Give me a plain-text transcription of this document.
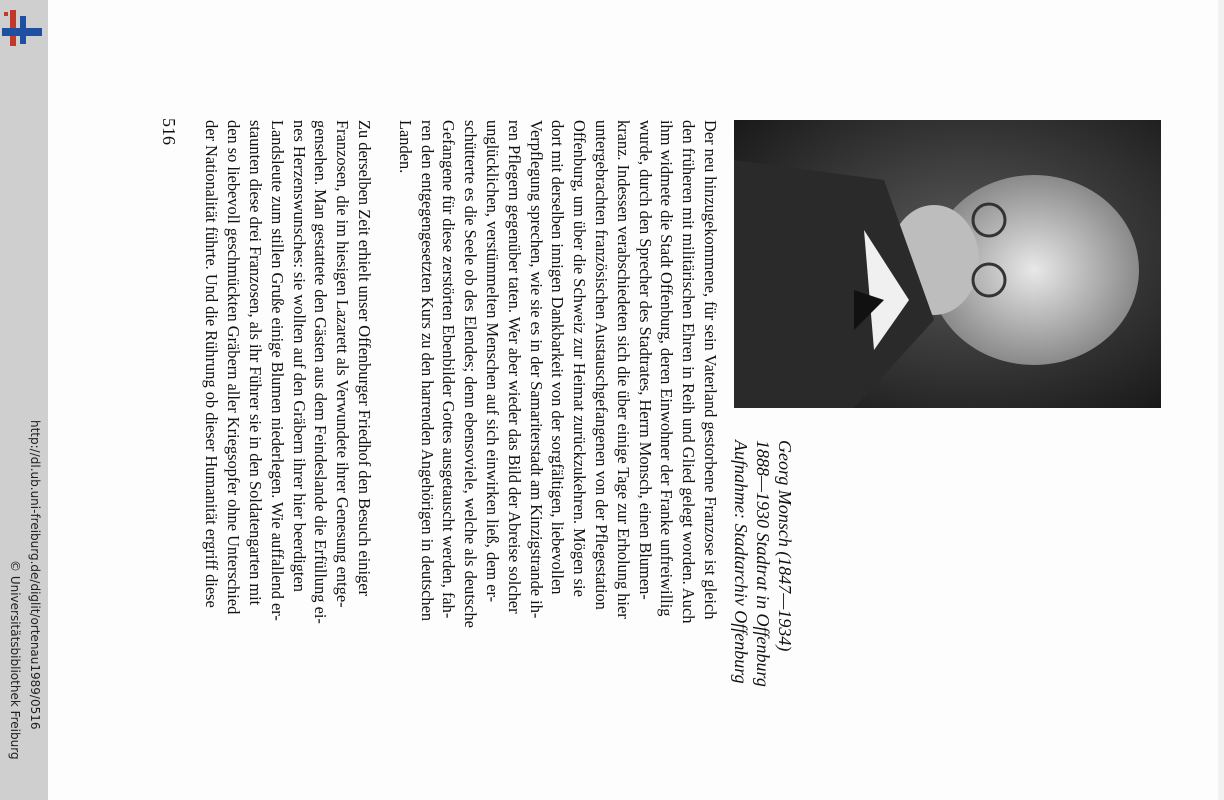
http://dl.ub.uni-freiburg.de/diglit/ortenau1989/0516
© Universitätsbibliothek Freiburg
Georg Monsch (1847—1934)
1888—1930 Stadtrat in Offenburg
Aufnahme: Stadtarchiv Offenburg
Der neu hinzugekommene, für sein Vaterland gestorbene Franzose ist gleich
den früheren mit militärischen Ehren in Reih und Glied gelegt worden. Auch
ihm widmete die Stadt Offenburg, deren Einwohner der Franke unfreiwillig
wurde, durch den Sprecher des Stadtrates, Herrn Monsch, einen Blumen-
kranz. Indessen verabschiedeten sich die über einige Tage zur Erholung hier
untergebrachten französischen Austauschgefangenen von der Pflegestation
Offenburg, um über die Schweiz zur Heimat zurückzukehren. Mögen sie
dort mit derselben innigen Dankbarkeit von der sorgfältigen, liebevollen
Verpflegung sprechen, wie sie es in der Samariterstadt am Kinzigstrande ih-
ren Pflegern gegenüber taten. Wer aber wieder das Bild der Abreise solcher
unglücklichen, verstümmelten Menschen auf sich einwirken ließ, dem er-
schütterte es die Seele ob des Elendes; denn ebensoviele, welche als deutsche
Gefangene für diese zerstörten Ebenbilder Gottes ausgetauscht werden, fah-
ren den entgegengesetzten Kurs zu den harrenden Angehörigen in deutschen
Landen.
Zu derselben Zeit erhielt unser Offenburger Friedhof den Besuch einiger
Franzosen, die im hiesigen Lazarett als Verwundete ihrer Genesung entge-
gensehen. Man gestattete den Gästen aus dem Feindeslande die Erfüllung ei-
nes Herzenswunsches: sie wollten auf den Gräbern ihrer hier beerdigten
Landsleute zum stillen Gruße einige Blumen niederlegen. Wie auffallend er-
staunten diese drei Franzosen, als ihr Führer sie in den Soldatengarten mit
den so liebevoll geschmückten Gräbern aller Kriegsopfer ohne Unterschied
der Nationalität führte. Und die Rührung ob dieser Humanität ergriff diese
516
